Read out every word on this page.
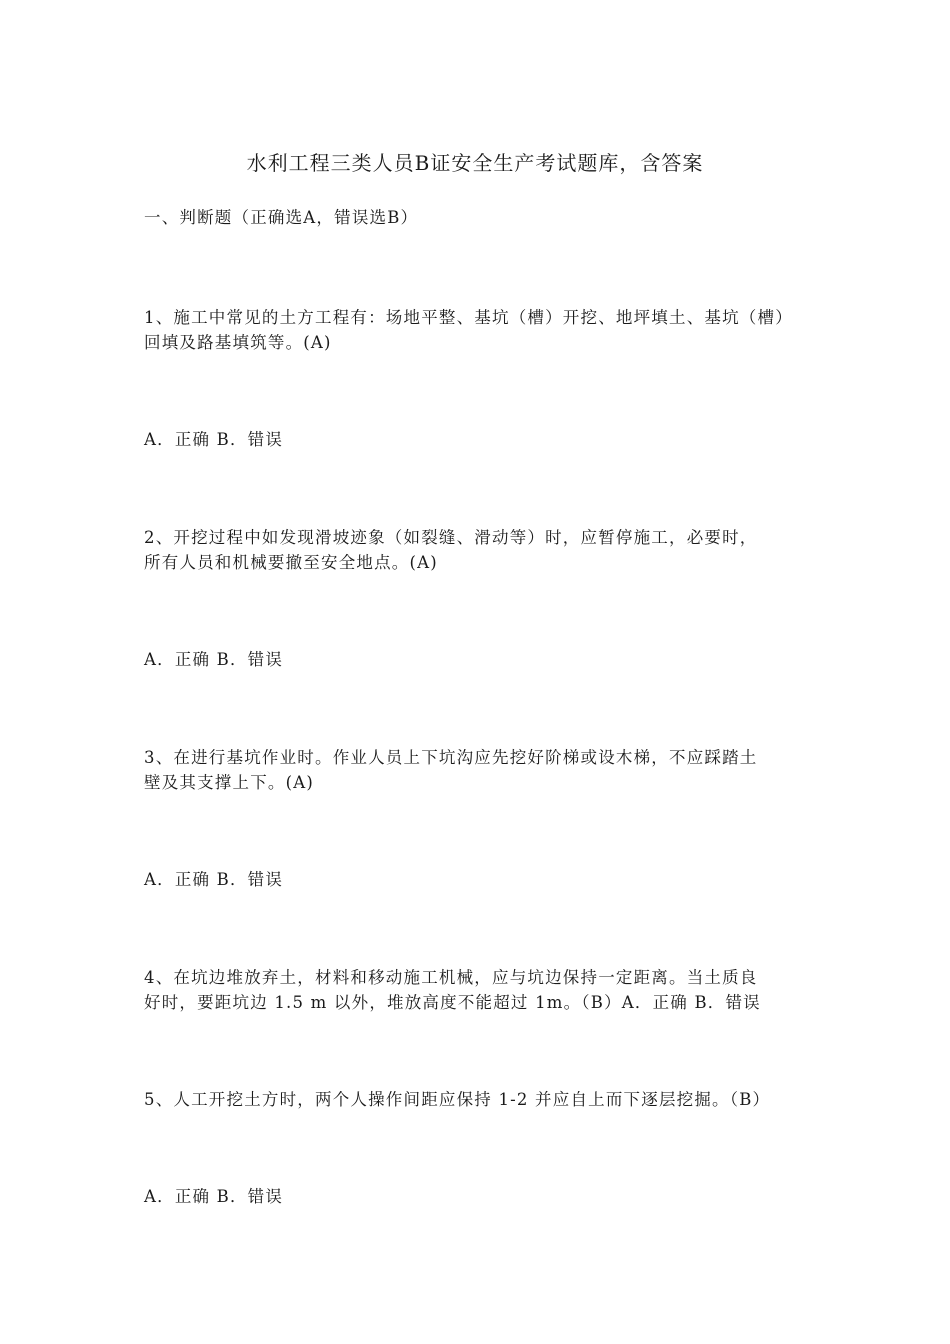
水利工程三类人员B证安全生产考试题库，含答案
一、判断题（正确选A，错误选B）
1、施工中常见的土方工程有：场地平整、基坑（槽）开挖、地坪填土、基坑（槽）
回填及路基填筑等。(A)
A．正确 B．错误
2、开挖过程中如发现滑坡迹象（如裂缝、滑动等）时，应暂停施工，必要时，
所有人员和机械要撤至安全地点。(A)
A．正确 B．错误
3、在进行基坑作业时。作业人员上下坑沟应先挖好阶梯或设木梯，不应踩踏土
壁及其支撑上下。(A)
A．正确 B．错误
4、在坑边堆放弃土，材料和移动施工机械，应与坑边保持一定距离。当土质良
好时，要距坑边 1.5 m 以外，堆放高度不能超过 1m。（B）A．正确 B．错误
5、人工开挖土方时，两个人操作间距应保持 1-2 并应自上而下逐层挖掘。（B）
A．正确 B．错误
